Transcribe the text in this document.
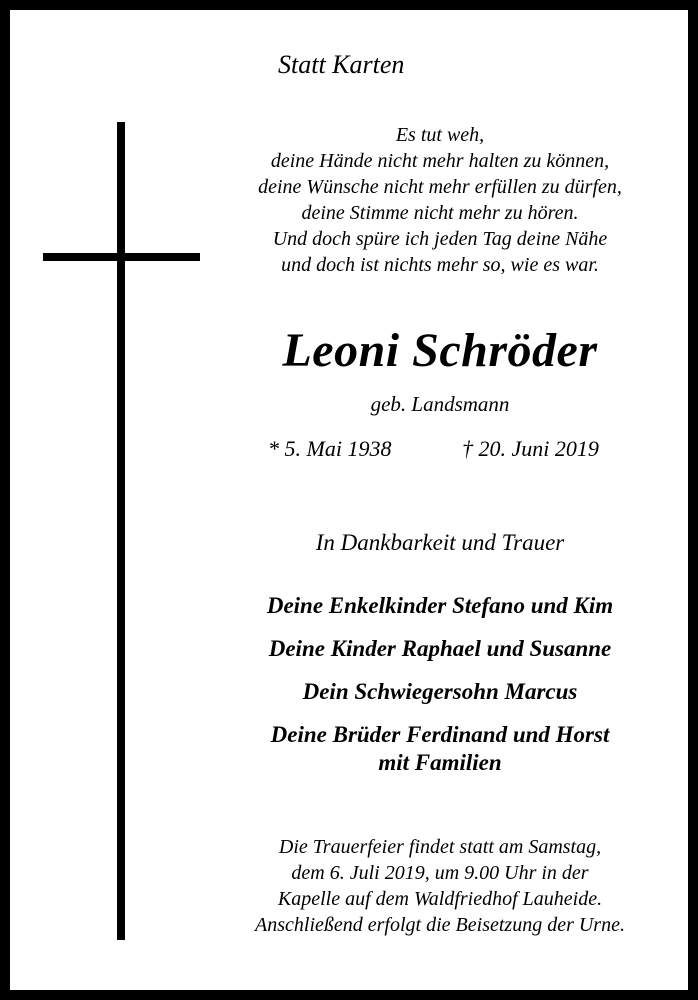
Statt Karten
Es tut weh,
deine Hände nicht mehr halten zu können,
deine Wünsche nicht mehr erfüllen zu dürfen,
deine Stimme nicht mehr zu hören.
Und doch spüre ich jeden Tag deine Nähe
und doch ist nichts mehr so, wie es war.
Leoni Schröder
geb. Landsmann
* 5. Mai 1938	† 20. Juni 2019
In Dankbarkeit und Trauer
Deine Enkelkinder Stefano und Kim
Deine Kinder Raphael und Susanne
Dein Schwiegersohn Marcus
Deine Brüder Ferdinand und Horst
mit Familien
Die Trauerfeier findet statt am Samstag,
dem 6. Juli 2019, um 9.00 Uhr in der
Kapelle auf dem Waldfriedhof Lauheide.
Anschließend erfolgt die Beisetzung der Urne.
